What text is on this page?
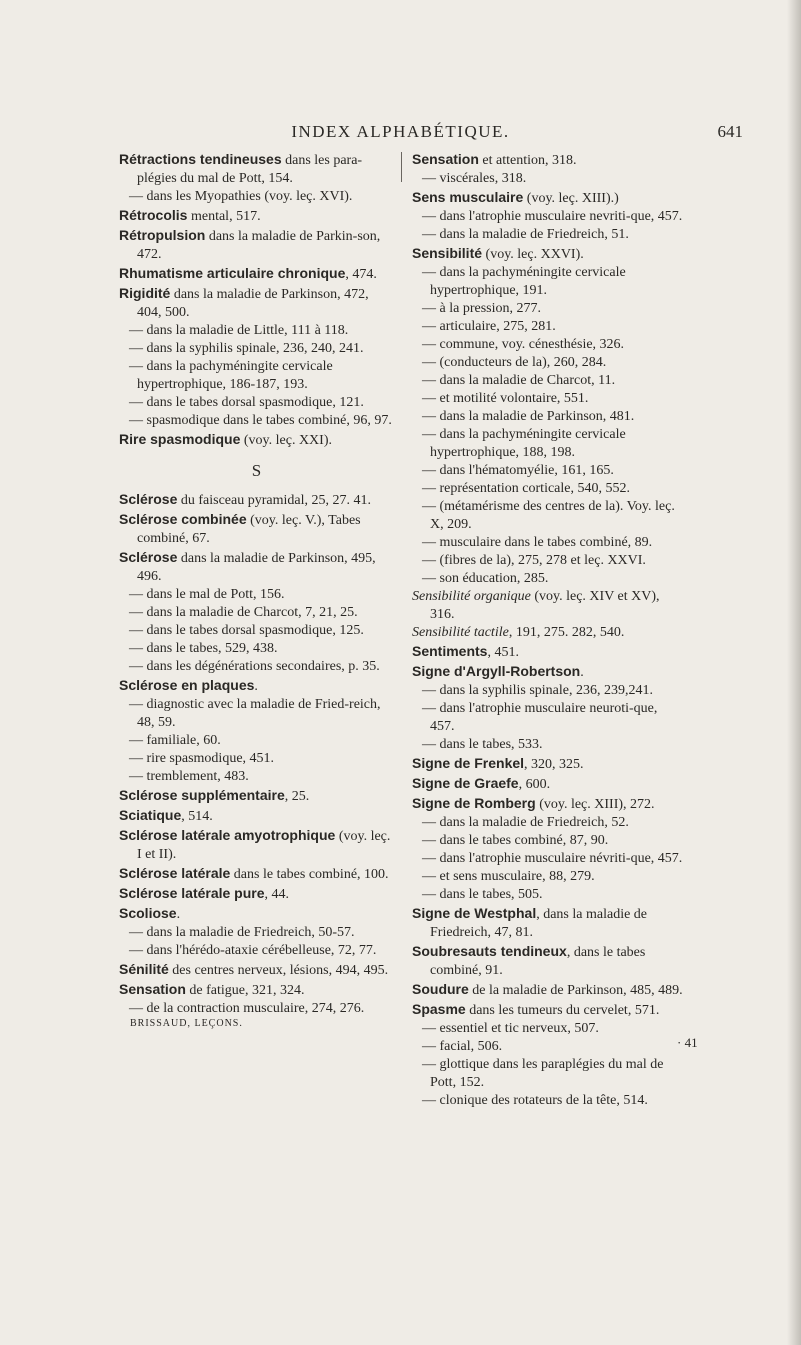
INDEX ALPHABÉTIQUE.	641
Rétractions tendineuses dans les para-plégies du mal de Pott, 154.
— dans les Myopathies (voy. leç. XVI).
Rétrocolis mental, 517.
Rétropulsion dans la maladie de Parkin-son, 472.
Rhumatisme articulaire chronique, 474.
Rigidité dans la maladie de Parkinson, 472, 404, 500.
— dans la maladie de Little, 111 à 118.
— dans la syphilis spinale, 236, 240, 241.
— dans la pachyméningite cervicale hypertrophique, 186-187, 193.
— dans le tabes dorsal spasmodique, 121.
— spasmodique dans le tabes combiné, 96, 97.
Rire spasmodique (voy. leç. XXI).
S
Sclérose du faisceau pyramidal, 25, 27. 41.
Sclérose combinée (voy. leç. V.), Tabes combiné, 67.
Sclérose dans la maladie de Parkinson, 495, 496.
— dans le mal de Pott, 156.
— dans la maladie de Charcot, 7, 21, 25.
— dans le tabes dorsal spasmodique, 125.
— dans le tabes, 529, 438.
— dans les dégénérations secondaires, p. 35.
Sclérose en plaques.
— diagnostic avec la maladie de Fried-reich, 48, 59.
— familiale, 60.
— rire spasmodique, 451.
— tremblement, 483.
Sclérose supplémentaire, 25.
Sciatique, 514.
Sclérose latérale amyotrophique (voy. leç. I et II).
Sclérose latérale dans le tabes combiné, 100.
Sclérose latérale pure, 44.
Scoliose.
— dans la maladie de Friedreich, 50-57.
— dans l'hérédo-ataxie cérébelleuse, 72, 77.
Sénilité des centres nerveux, lésions, 494, 495.
Sensation de fatigue, 321, 324.
— de la contraction musculaire, 274, 276.
Sensation et attention, 318.
— viscérales, 318.
Sens musculaire (voy. leç. XIII).)
— dans l'atrophie musculaire nevriti-que, 457.
— dans la maladie de Friedreich, 51.
Sensibilité (voy. leç. XXVI).
— dans la pachyméningite cervicale hypertrophique, 191.
— à la pression, 277.
— articulaire, 275, 281.
— commune, voy. cénesthésie, 326.
— (conducteurs de la), 260, 284.
— dans la maladie de Charcot, 11.
— et motilité volontaire, 551.
— dans la maladie de Parkinson, 481.
— dans la pachyméningite cervicale hypertrophique, 188, 198.
— dans l'hématomyélie, 161, 165.
— représentation corticale, 540, 552.
— (métamérisme des centres de la). Voy. leç. X, 209.
— musculaire dans le tabes combiné, 89.
— (fibres de la), 275, 278 et leç. XXVI.
— son éducation, 285.
Sensibilité organique (voy. leç. XIV et XV), 316.
Sensibilité tactile, 191, 275. 282, 540.
Sentiments, 451.
Signe d'Argyll-Robertson.
— dans la syphilis spinale, 236, 239,241.
— dans l'atrophie musculaire neuroti-que, 457.
— dans le tabes, 533.
Signe de Frenkel, 320, 325.
Signe de Graefe, 600.
Signe de Romberg (voy. leç. XIII), 272.
— dans la maladie de Friedreich, 52.
— dans le tabes combiné, 87, 90.
— dans l'atrophie musculaire névriti-que, 457.
— et sens musculaire, 88, 279.
— dans le tabes, 505.
Signe de Westphal, dans la maladie de Friedreich, 47, 81.
Soubresauts tendineux, dans le tabes combiné, 91.
Soudure de la maladie de Parkinson, 485, 489.
Spasme dans les tumeurs du cervelet, 571.
— essentiel et tic nerveux, 507.
— facial, 506.
— glottique dans les paraplégies du mal de Pott, 152.
— clonique des rotateurs de la tête, 514.
BRISSAUD, LEÇONS.
· 41
